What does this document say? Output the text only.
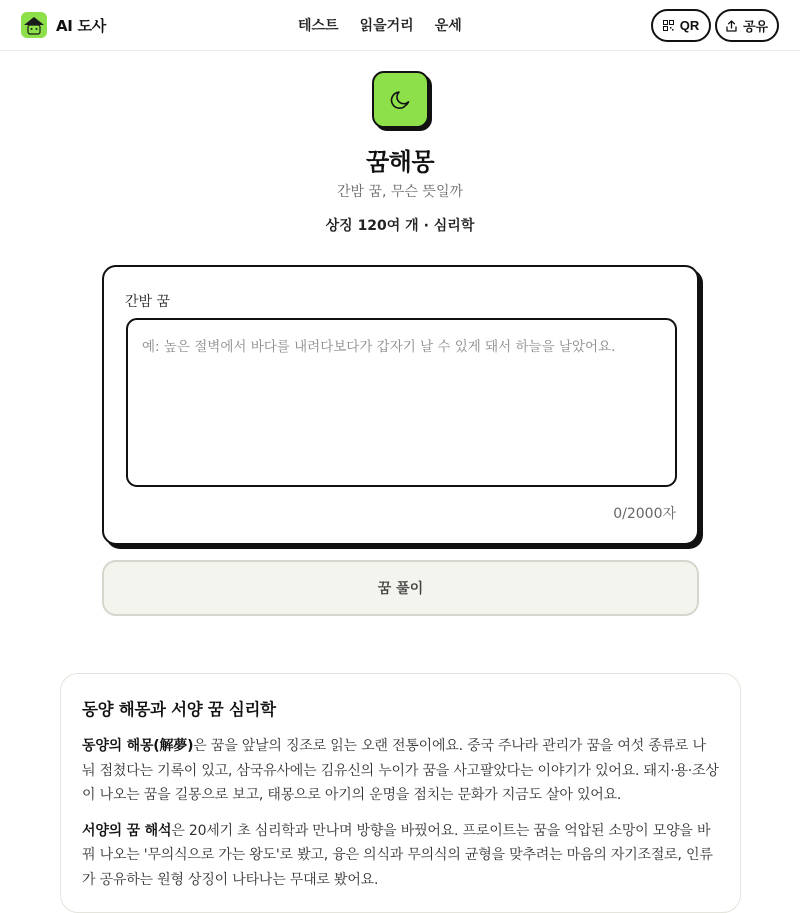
AI 도사	테스트 읽을거리 운세	QR	공유
꿈해몽
간밤 꿈, 무슨 뜻일까
상징 120여 개 · 심리학
간밤 꿈
예: 높은 절벽에서 바다를 내려다보다가 갑자기 날 수 있게 돼서 하늘을 날았어요.
0/2000자
꿈 풀이
동양 해몽과 서양 꿈 심리학

동양의 해몽(解夢)은 꿈을 앞날의 징조로 읽는 오랜 전통이에요. 중국 주나라 관리가 꿈을 여섯 종류로 나눠 점쳤다는 기록이 있고, 삼국유사에는 김유신의 누이가 꿈을 사고팔았다는 이야기가 있어요. 돼지·용·조상이 나오는 꿈을 길몽으로 보고, 태몽으로 아기의 운명을 점치는 문화가 지금도 살아 있어요.

서양의 꿈 해석은 20세기 초 심리학과 만나며 방향을 바꿨어요. 프로이트는 꿈을 억압된 소망이 모양을 바꿔 나오는 '무의식으로 가는 왕도'로 봤고, 융은 의식과 무의식의 균형을 맞추려는 마음의 자기조절로, 인류가 공유하는 원형 상징이 나타나는 무대로 봤어요.
